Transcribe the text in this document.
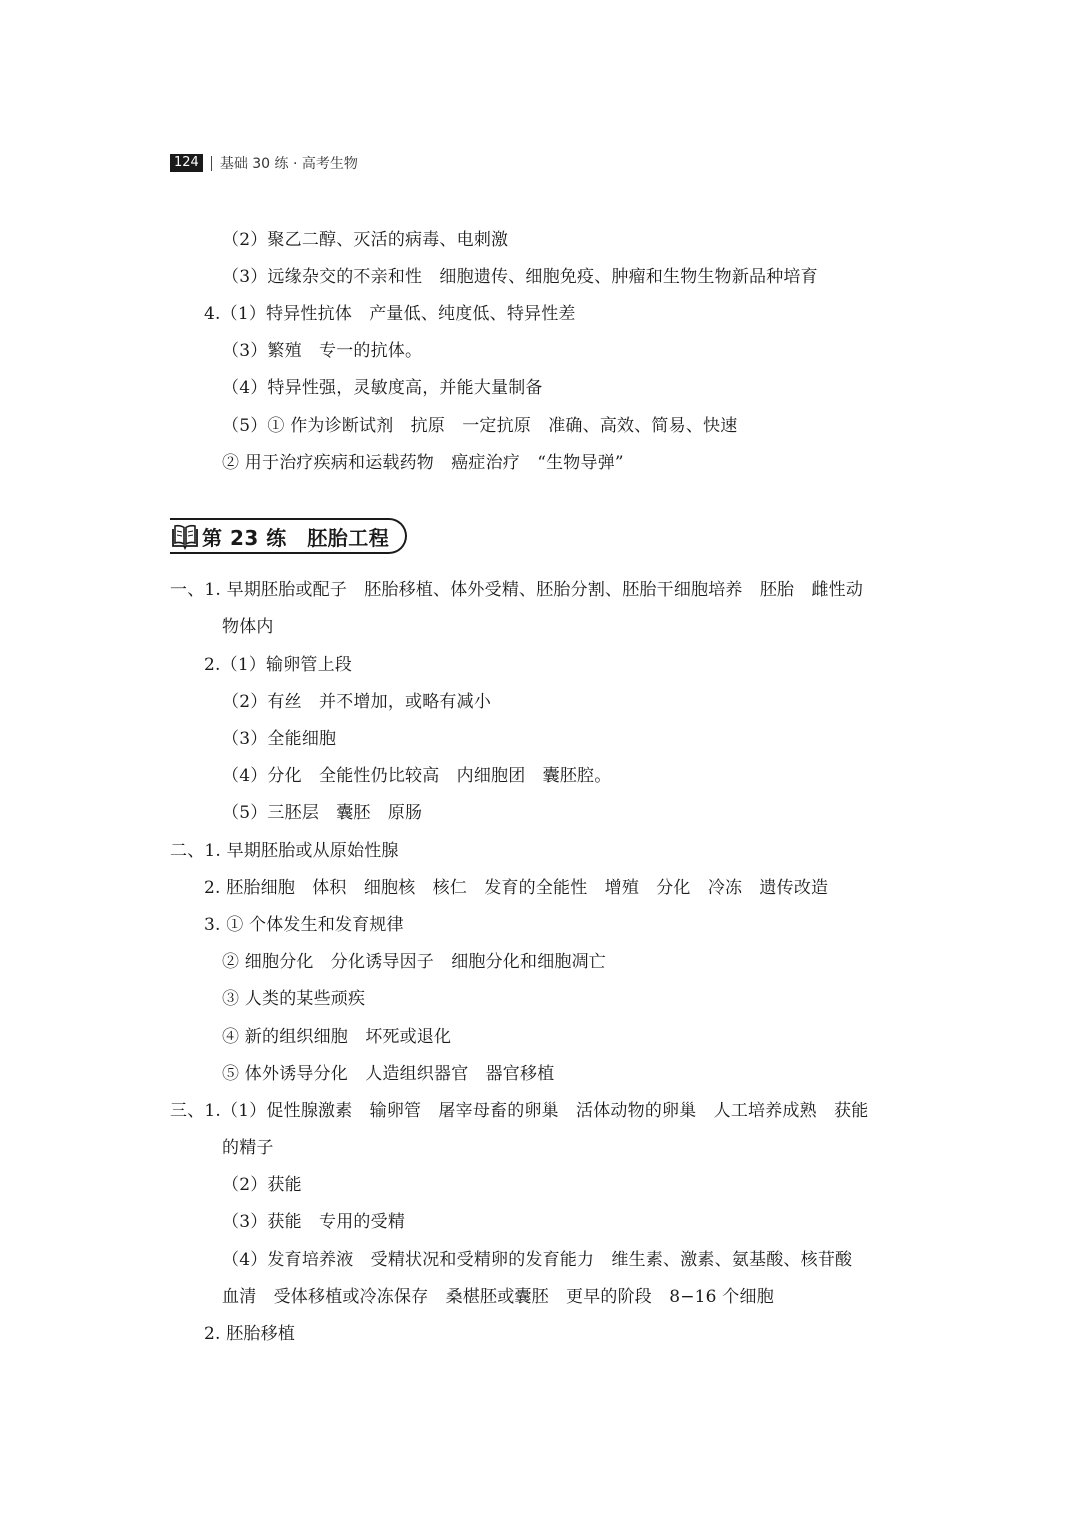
124 基础 30 练 · 高考生物
（2）聚乙二醇、灭活的病毒、电刺激
（3）远缘杂交的不亲和性　细胞遗传、细胞免疫、肿瘤和生物生物新品种培育
4.（1）特异性抗体　产量低、纯度低、特异性差
（3）繁殖　专一的抗体。
（4）特异性强，灵敏度高，并能大量制备
（5）① 作为诊断试剂　抗原　一定抗原　准确、高效、简易、快速
② 用于治疗疾病和运载药物　癌症治疗　“生物导弹”
第 23 练　胚胎工程
一、1. 早期胚胎或配子　胚胎移植、体外受精、胚胎分割、胚胎干细胞培养　胚胎　雌性动
物体内
2.（1）输卵管上段
（2）有丝　并不增加，或略有减小
（3）全能细胞
（4）分化　全能性仍比较高　内细胞团　囊胚腔。
（5）三胚层　囊胚　原肠
二、1. 早期胚胎或从原始性腺
2. 胚胎细胞　体积　细胞核　核仁　发育的全能性　增殖　分化　冷冻　遗传改造
3. ① 个体发生和发育规律
② 细胞分化　分化诱导因子　细胞分化和细胞凋亡
③ 人类的某些顽疾
④ 新的组织细胞　坏死或退化
⑤ 体外诱导分化　人造组织器官　器官移植
三、1.（1）促性腺激素　输卵管　屠宰母畜的卵巢　活体动物的卵巢　人工培养成熟　获能
的精子
（2）获能
（3）获能　专用的受精
（4）发育培养液　受精状况和受精卵的发育能力　维生素、激素、氨基酸、核苷酸
血清　受体移植或冷冻保存　桑椹胚或囊胚　更早的阶段　8−16 个细胞
2. 胚胎移植
